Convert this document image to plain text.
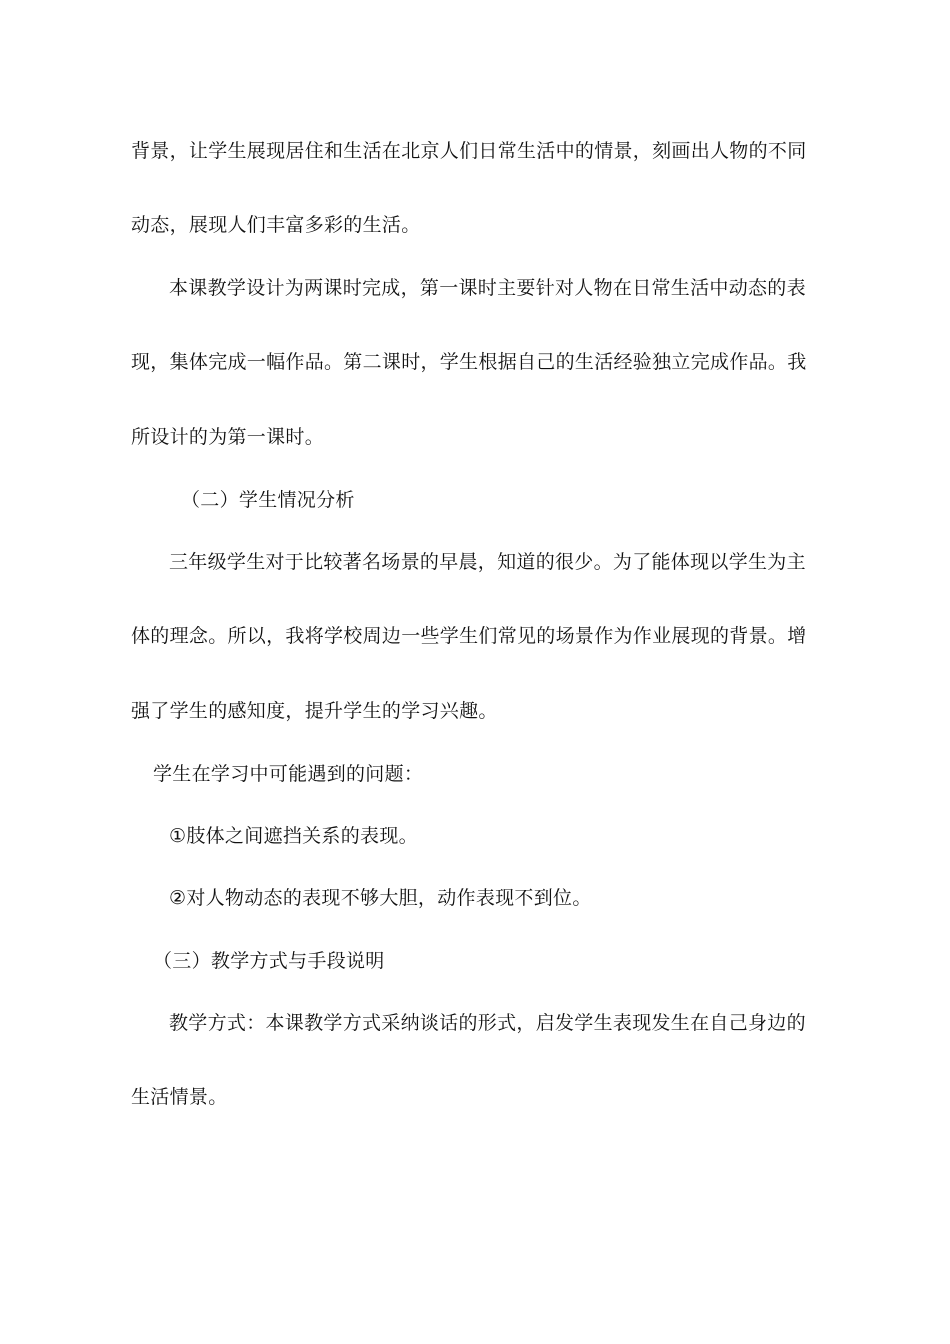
背景，让学生展现居住和生活在北京人们日常生活中的情景，刻画出人物的不同
动态，展现人们丰富多彩的生活。
本课教学设计为两课时完成，第一课时主要针对人物在日常生活中动态的表
现，集体完成一幅作品。第二课时，学生根据自己的生活经验独立完成作品。我
所设计的为第一课时。
（二）学生情况分析
三年级学生对于比较著名场景的早晨，知道的很少。为了能体现以学生为主
体的理念。所以，我将学校周边一些学生们常见的场景作为作业展现的背景。增
强了学生的感知度，提升学生的学习兴趣。
学生在学习中可能遇到的问题：
①肢体之间遮挡关系的表现。
②对人物动态的表现不够大胆，动作表现不到位。
（三）教学方式与手段说明
教学方式：本课教学方式采纳谈话的形式，启发学生表现发生在自己身边的
生活情景。
